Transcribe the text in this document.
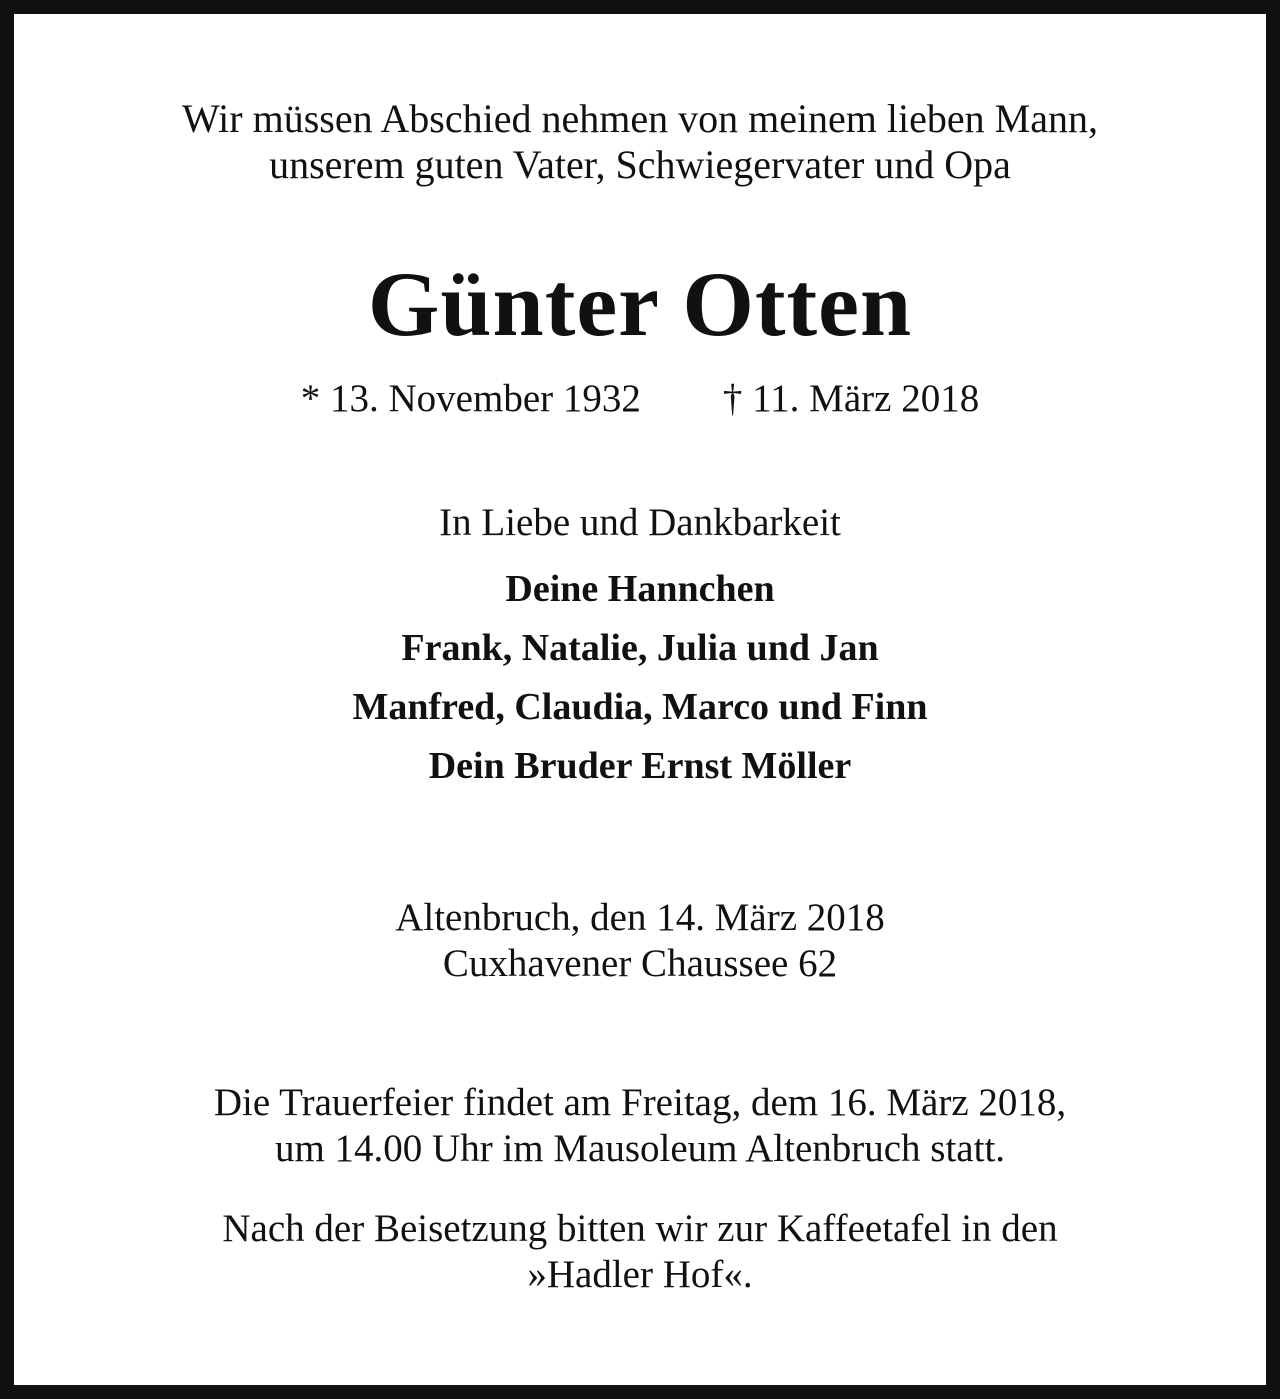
Wir müssen Abschied nehmen von meinem lieben Mann,
unserem guten Vater, Schwiegervater und Opa
Günter Otten
* 13. November 1932 † 11. März 2018
In Liebe und Dankbarkeit
Deine Hannchen
Frank, Natalie, Julia und Jan
Manfred, Claudia, Marco und Finn
Dein Bruder Ernst Möller
Altenbruch, den 14. März 2018
Cuxhavener Chaussee 62
Die Trauerfeier findet am Freitag, dem 16. März 2018,
um 14.00 Uhr im Mausoleum Altenbruch statt.
Nach der Beisetzung bitten wir zur Kaffeetafel in den
»Hadler Hof«.
